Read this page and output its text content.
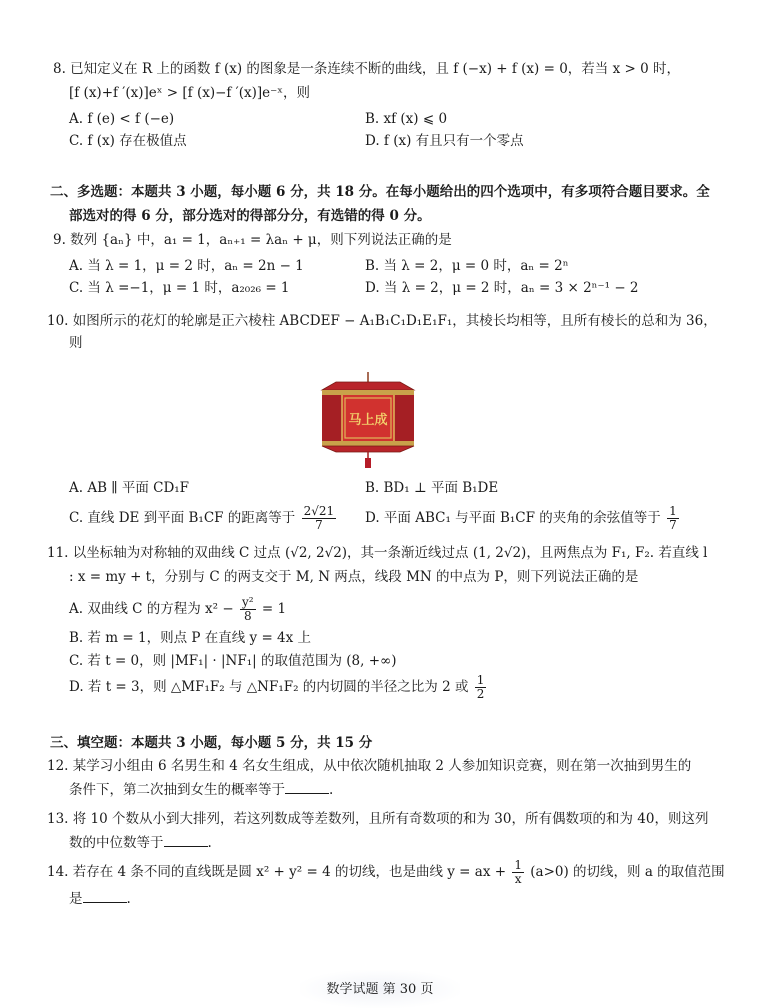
8. 已知定义在 R 上的函数 f (x) 的图象是一条连续不断的曲线，且 f (−x) + f (x) = 0，若当 x > 0 时，
[f (x)+f ′(x)]eˣ > [f (x)−f ′(x)]e⁻ˣ，则
A. f (e) < f (−e)	B. xf (x) ⩽ 0
C. f (x) 存在极值点	D. f (x) 有且只有一个零点
二、多选题：本题共 3 小题，每小题 6 分，共 18 分。在每小题给出的四个选项中，有多项符合题目要求。全
部选对的得 6 分，部分选对的得部分分，有选错的得 0 分。
9. 数列 {aₙ} 中，a₁ = 1，aₙ₊₁ = λaₙ + μ，则下列说法正确的是
A. 当 λ = 1，μ = 2 时，aₙ = 2n − 1	B. 当 λ = 2，μ = 0 时，aₙ = 2ⁿ
C. 当 λ =−1，μ = 1 时，a₂₀₂₆ = 1	D. 当 λ = 2，μ = 2 时，aₙ = 3 × 2ⁿ⁻¹ − 2
10. 如图所示的花灯的轮廓是正六棱柱 ABCDEF − A₁B₁C₁D₁E₁F₁，其棱长均相等，且所有棱长的总和为 36，
则
马上成
A. AB ∥ 平面 CD₁F	B. BD₁ ⊥ 平面 B₁DE
C. 直线 DE 到平面 B₁CF 的距离等于 $\frac{2√21}{7} D$. 平面 ABC₁ 与平面 B₁CF 的夹角的余弦值等于 $\frac{1}{7}$
11. 以坐标轴为对称轴的双曲线 C 过点 (√2, 2√2)，其一条渐近线过点 (1, 2√2)，且两焦点为 F₁, F₂. 若直线 l
: x = my + t，分别与 C 的两支交于 M, N 两点，线段 MN 的中点为 P，则下列说法正确的是
A. 双曲线 C 的方程为 $x^2 - \frac{\text{y²}}{8} = 1$
B. 若 m = 1，则点 P 在直线 y = 4x 上
C. 若 t = 0，则 |MF₁| · |NF₁| 的取值范围为 (8, +∞)
D. 若 t = 3，则 △MF₁F₂ 与 △NF₁F₂ 的内切圆的半径之比为 2 或 $\frac{1}{2}$
三、填空题：本题共 3 小题，每小题 5 分，共 15 分
12. 某学习小组由 6 名男生和 4 名女生组成，从中依次随机抽取 2 人参加知识竞赛，则在第一次抽到男生的
条件下，第二次抽到女生的概率等于	.
13. 将 10 个数从小到大排列，若这列数成等差数列，且所有奇数项的和为 30，所有偶数项的和为 40，则这列
数的中位数等于	.
14. 若存在 4 条不同的直线既是圆 x² + y² = 4 的切线，也是曲线 y = ax + $\frac{1}{x} (a>0)$ 的切线，则 a 的取值范围
是	.
数学试题 第 30 页
